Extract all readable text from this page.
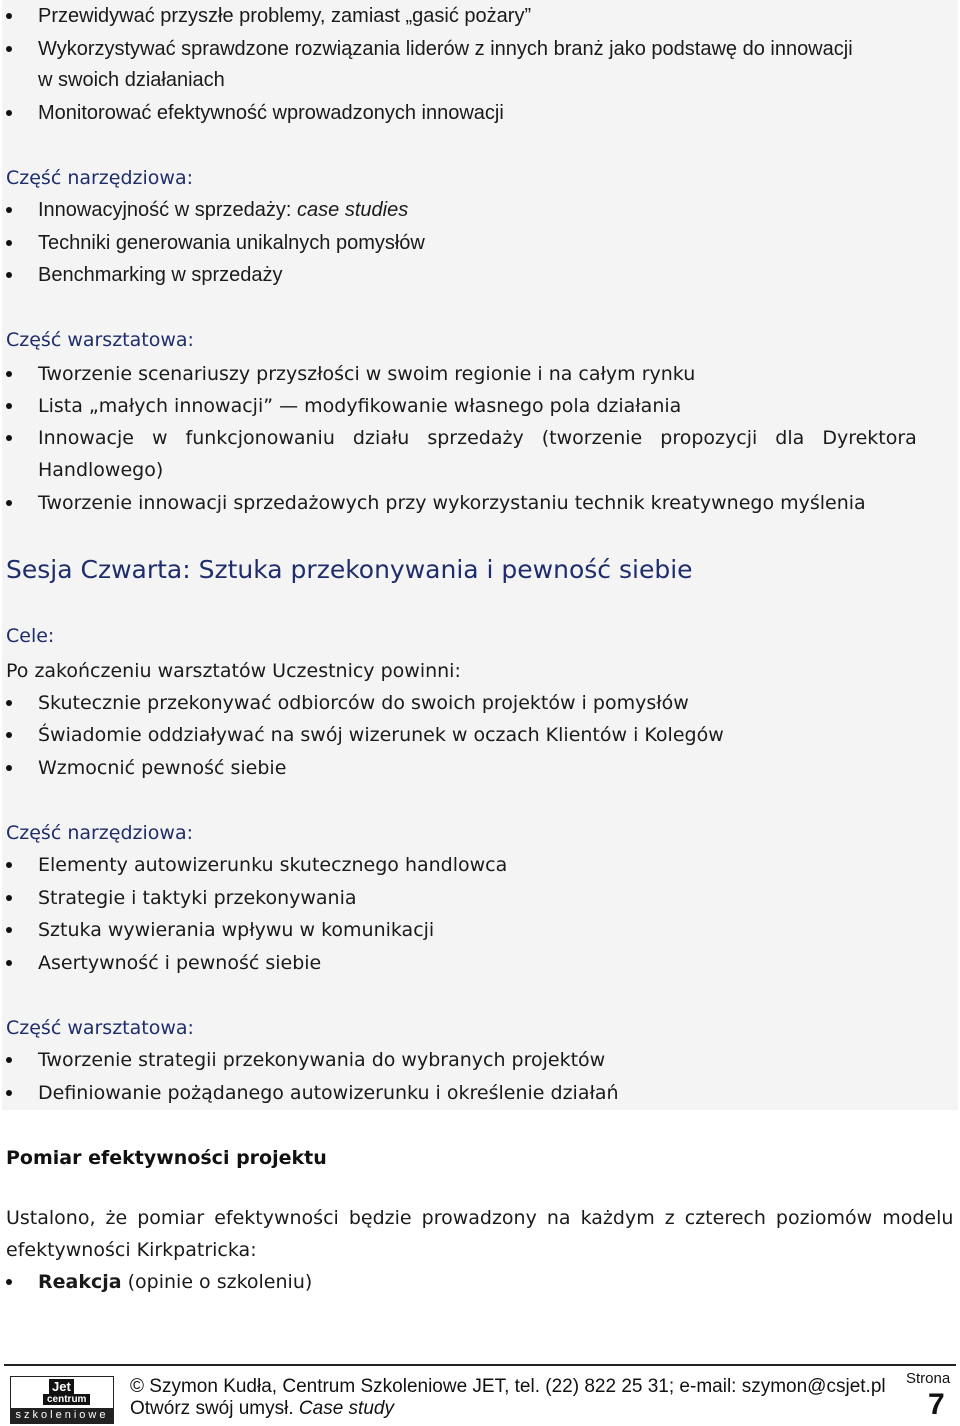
Przewidywać przyszłe problemy, zamiast „gasić pożary”
Wykorzystywać sprawdzone rozwiązania liderów z innych branż jako podstawę do innowacji
w swoich działaniach
Monitorować efektywność wprowadzonych innowacji
Część narzędziowa:
Innowacyjność w sprzedaży: case studies
Techniki generowania unikalnych pomysłów
Benchmarking w sprzedaży
Część warsztatowa:
Tworzenie scenariuszy przyszłości w swoim regionie i na całym rynku
Lista „małych innowacji” — modyfikowanie własnego pola działania
Innowacje w funkcjonowaniu działu sprzedaży (tworzenie propozycji dla Dyrektora
Handlowego)
Tworzenie innowacji sprzedażowych przy wykorzystaniu technik kreatywnego myślenia
Sesja Czwarta: Sztuka przekonywania i pewność siebie
Cele:
Po zakończeniu warsztatów Uczestnicy powinni:
Skutecznie przekonywać odbiorców do swoich projektów i pomysłów
Świadomie oddziaływać na swój wizerunek w oczach Klientów i Kolegów
Wzmocnić pewność siebie
Część narzędziowa:
Elementy autowizerunku skutecznego handlowca
Strategie i taktyki przekonywania
Sztuka wywierania wpływu w komunikacji
Asertywność i pewność siebie
Część warsztatowa:
Tworzenie strategii przekonywania do wybranych projektów
Definiowanie pożądanego autowizerunku i określenie działań
Pomiar efektywności projektu
Ustalono, że pomiar efektywności będzie prowadzony na każdym z czterech poziomów modelu
efektywności Kirkpatricka:
Reakcja (opinie o szkoleniu)
Jet
centrum
szkoleniowe
© Szymon Kudła, Centrum Szkoleniowe JET, tel. (22) 822 25 31; e-mail: szymon@csjet.pl
Otwórz swój umysł. Case study
Strona
7
